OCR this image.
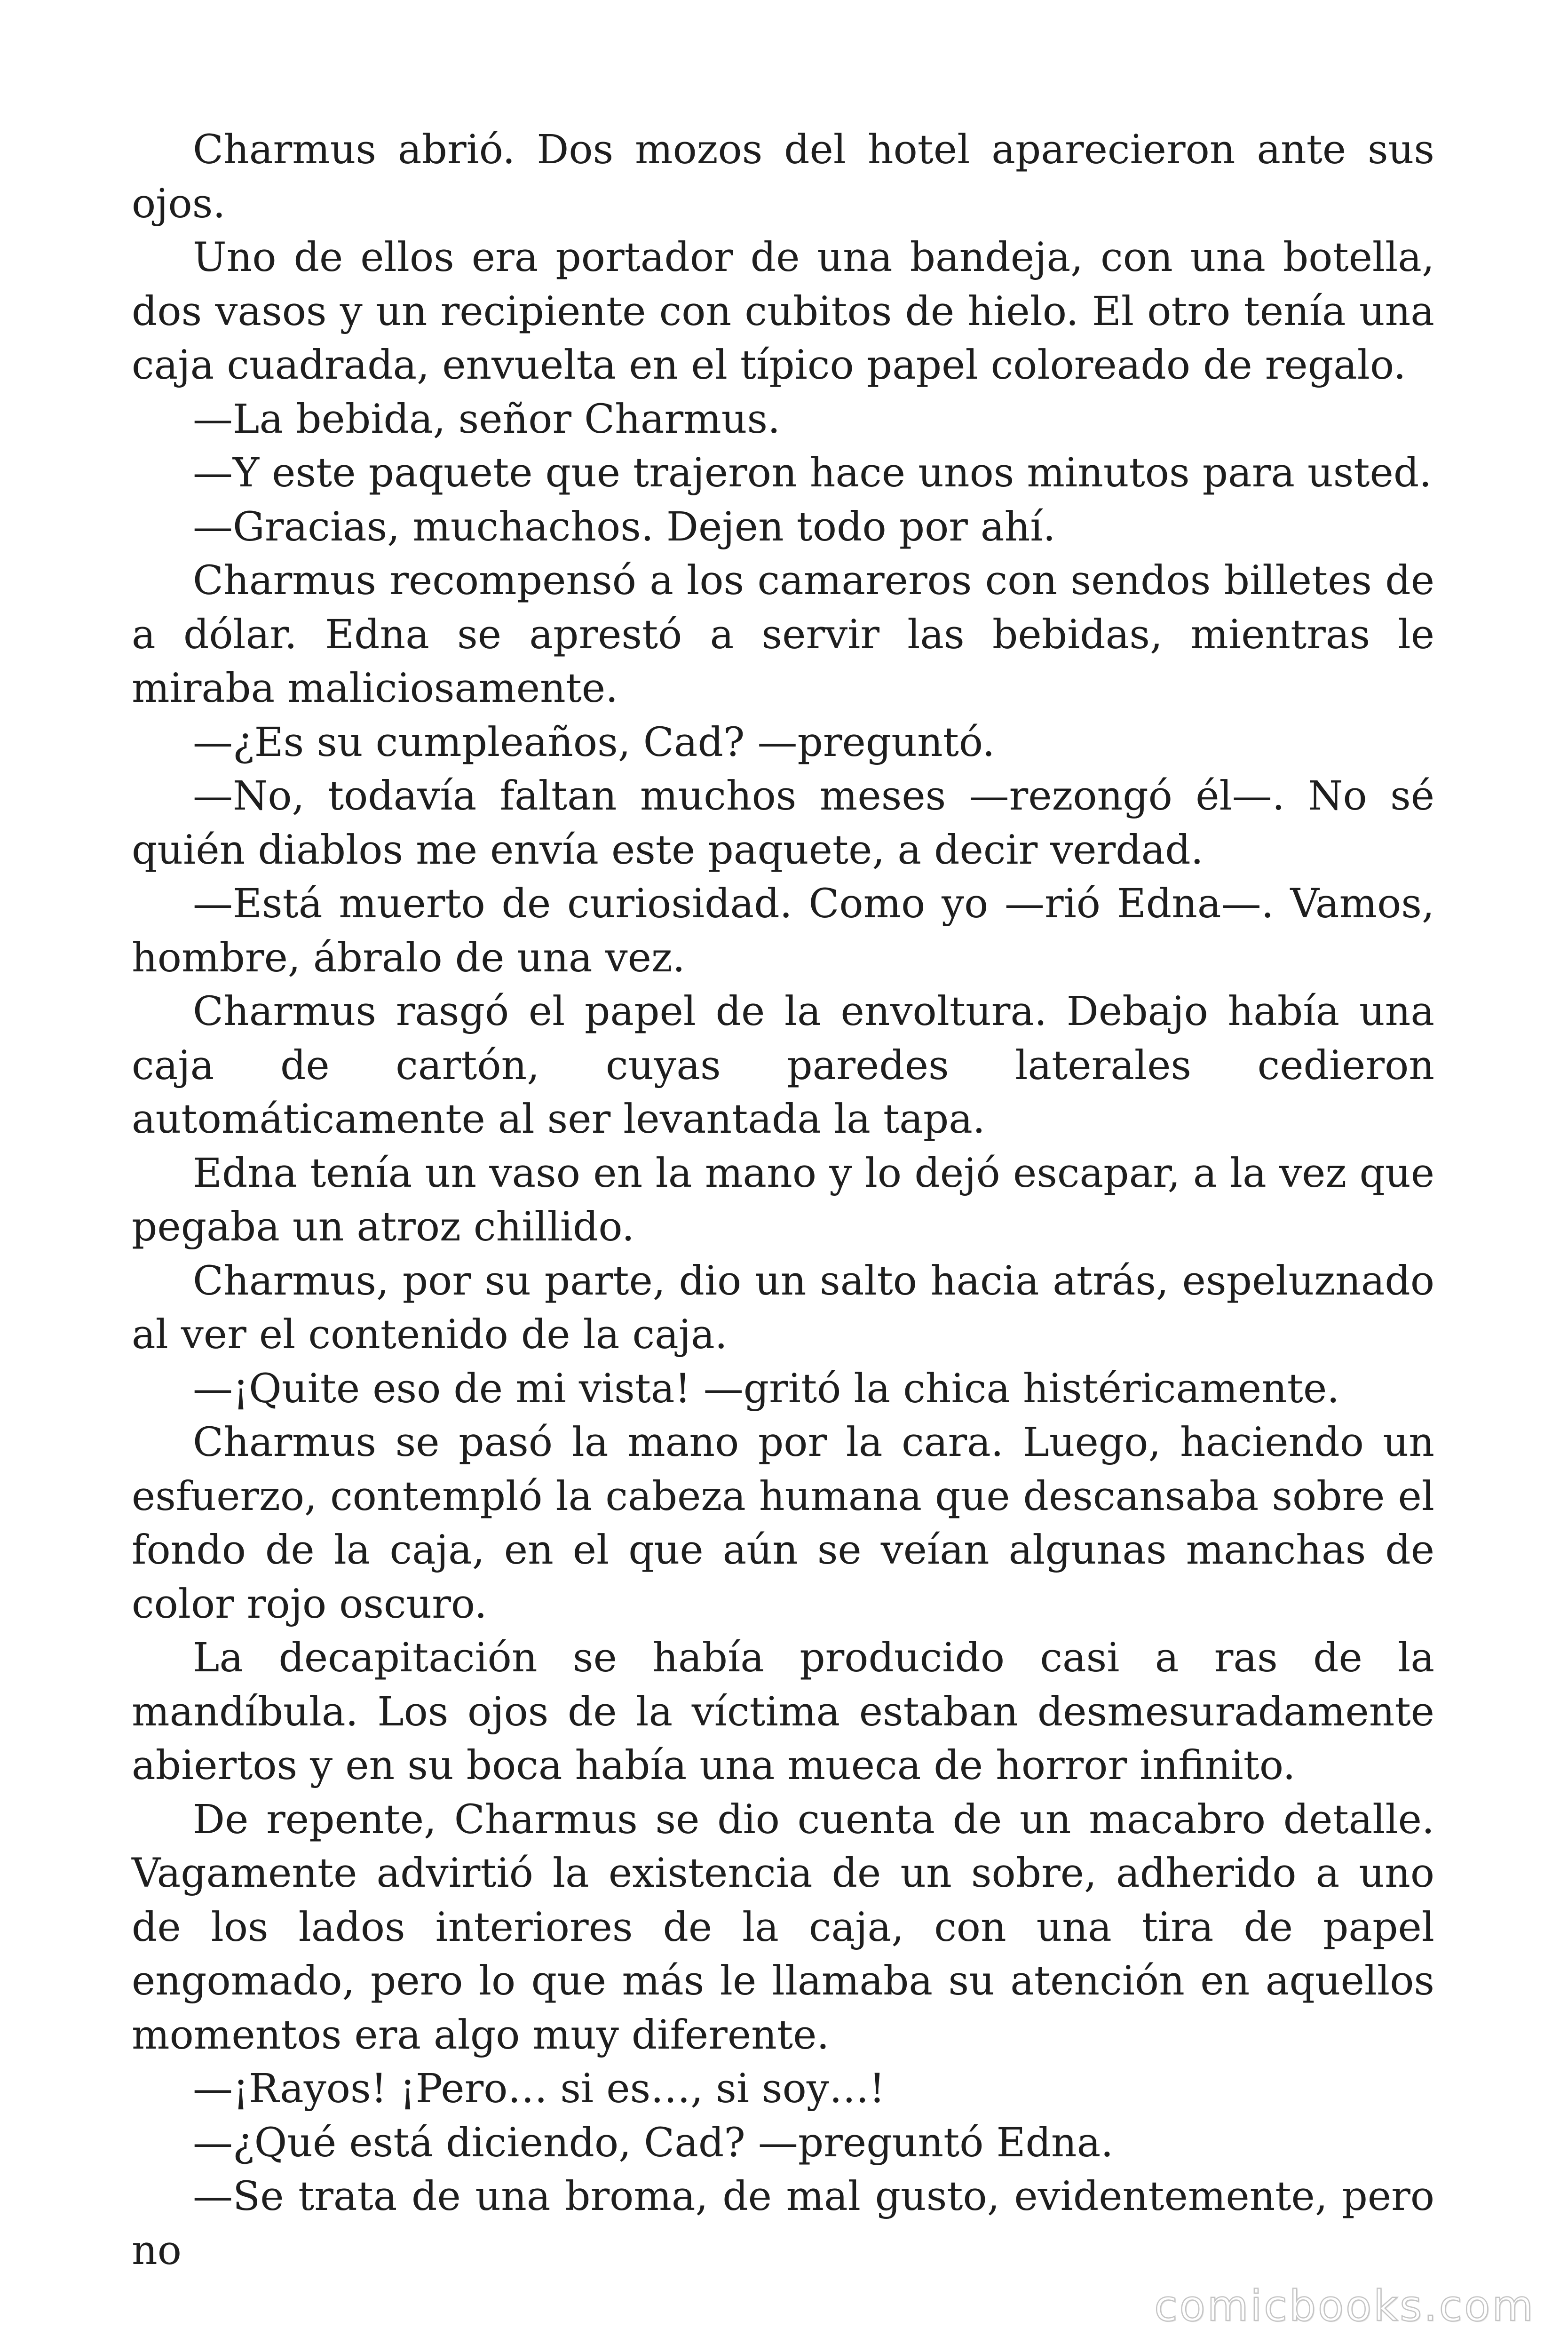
Charmus abrió. Dos mozos del hotel aparecieron ante sus ojos.

Uno de ellos era portador de una bandeja, con una botella, dos vasos y un recipiente con cubitos de hielo. El otro tenía una caja cuadrada, envuelta en el típico papel coloreado de regalo.

—La bebida, señor Charmus.

—Y este paquete que trajeron hace unos minutos para usted.

—Gracias, muchachos. Dejen todo por ahí.

Charmus recompensó a los camareros con sendos billetes de a dólar. Edna se aprestó a servir las bebidas, mientras le miraba maliciosamente.

—¿Es su cumpleaños, Cad? —preguntó.

—No, todavía faltan muchos meses —rezongó él—. No sé quién diablos me envía este paquete, a decir verdad.

—Está muerto de curiosidad. Como yo —rió Edna—. Vamos, hombre, ábralo de una vez.

Charmus rasgó el papel de la envoltura. Debajo había una caja de cartón, cuyas paredes laterales cedieron automáticamente al ser levantada la tapa.

Edna tenía un vaso en la mano y lo dejó escapar, a la vez que pegaba un atroz chillido.

Charmus, por su parte, dio un salto hacia atrás, espeluznado al ver el contenido de la caja.

—¡Quite eso de mi vista! —gritó la chica histéricamente.

Charmus se pasó la mano por la cara. Luego, haciendo un esfuerzo, contempló la cabeza humana que descansaba sobre el fondo de la caja, en el que aún se veían algunas manchas de color rojo oscuro.

La decapitación se había producido casi a ras de la mandíbula. Los ojos de la víctima estaban desmesuradamente abiertos y en su boca había una mueca de horror infinito.

De repente, Charmus se dio cuenta de un macabro detalle. Vagamente advirtió la existencia de un sobre, adherido a uno de los lados interiores de la caja, con una tira de papel engomado, pero lo que más le llamaba su atención en aquellos momentos era algo muy diferente.

—¡Rayos! ¡Pero… si es…, si soy…!

—¿Qué está diciendo, Cad? —preguntó Edna.

—Se trata de una broma, de mal gusto, evidentemente, pero no

comicbooks.com
